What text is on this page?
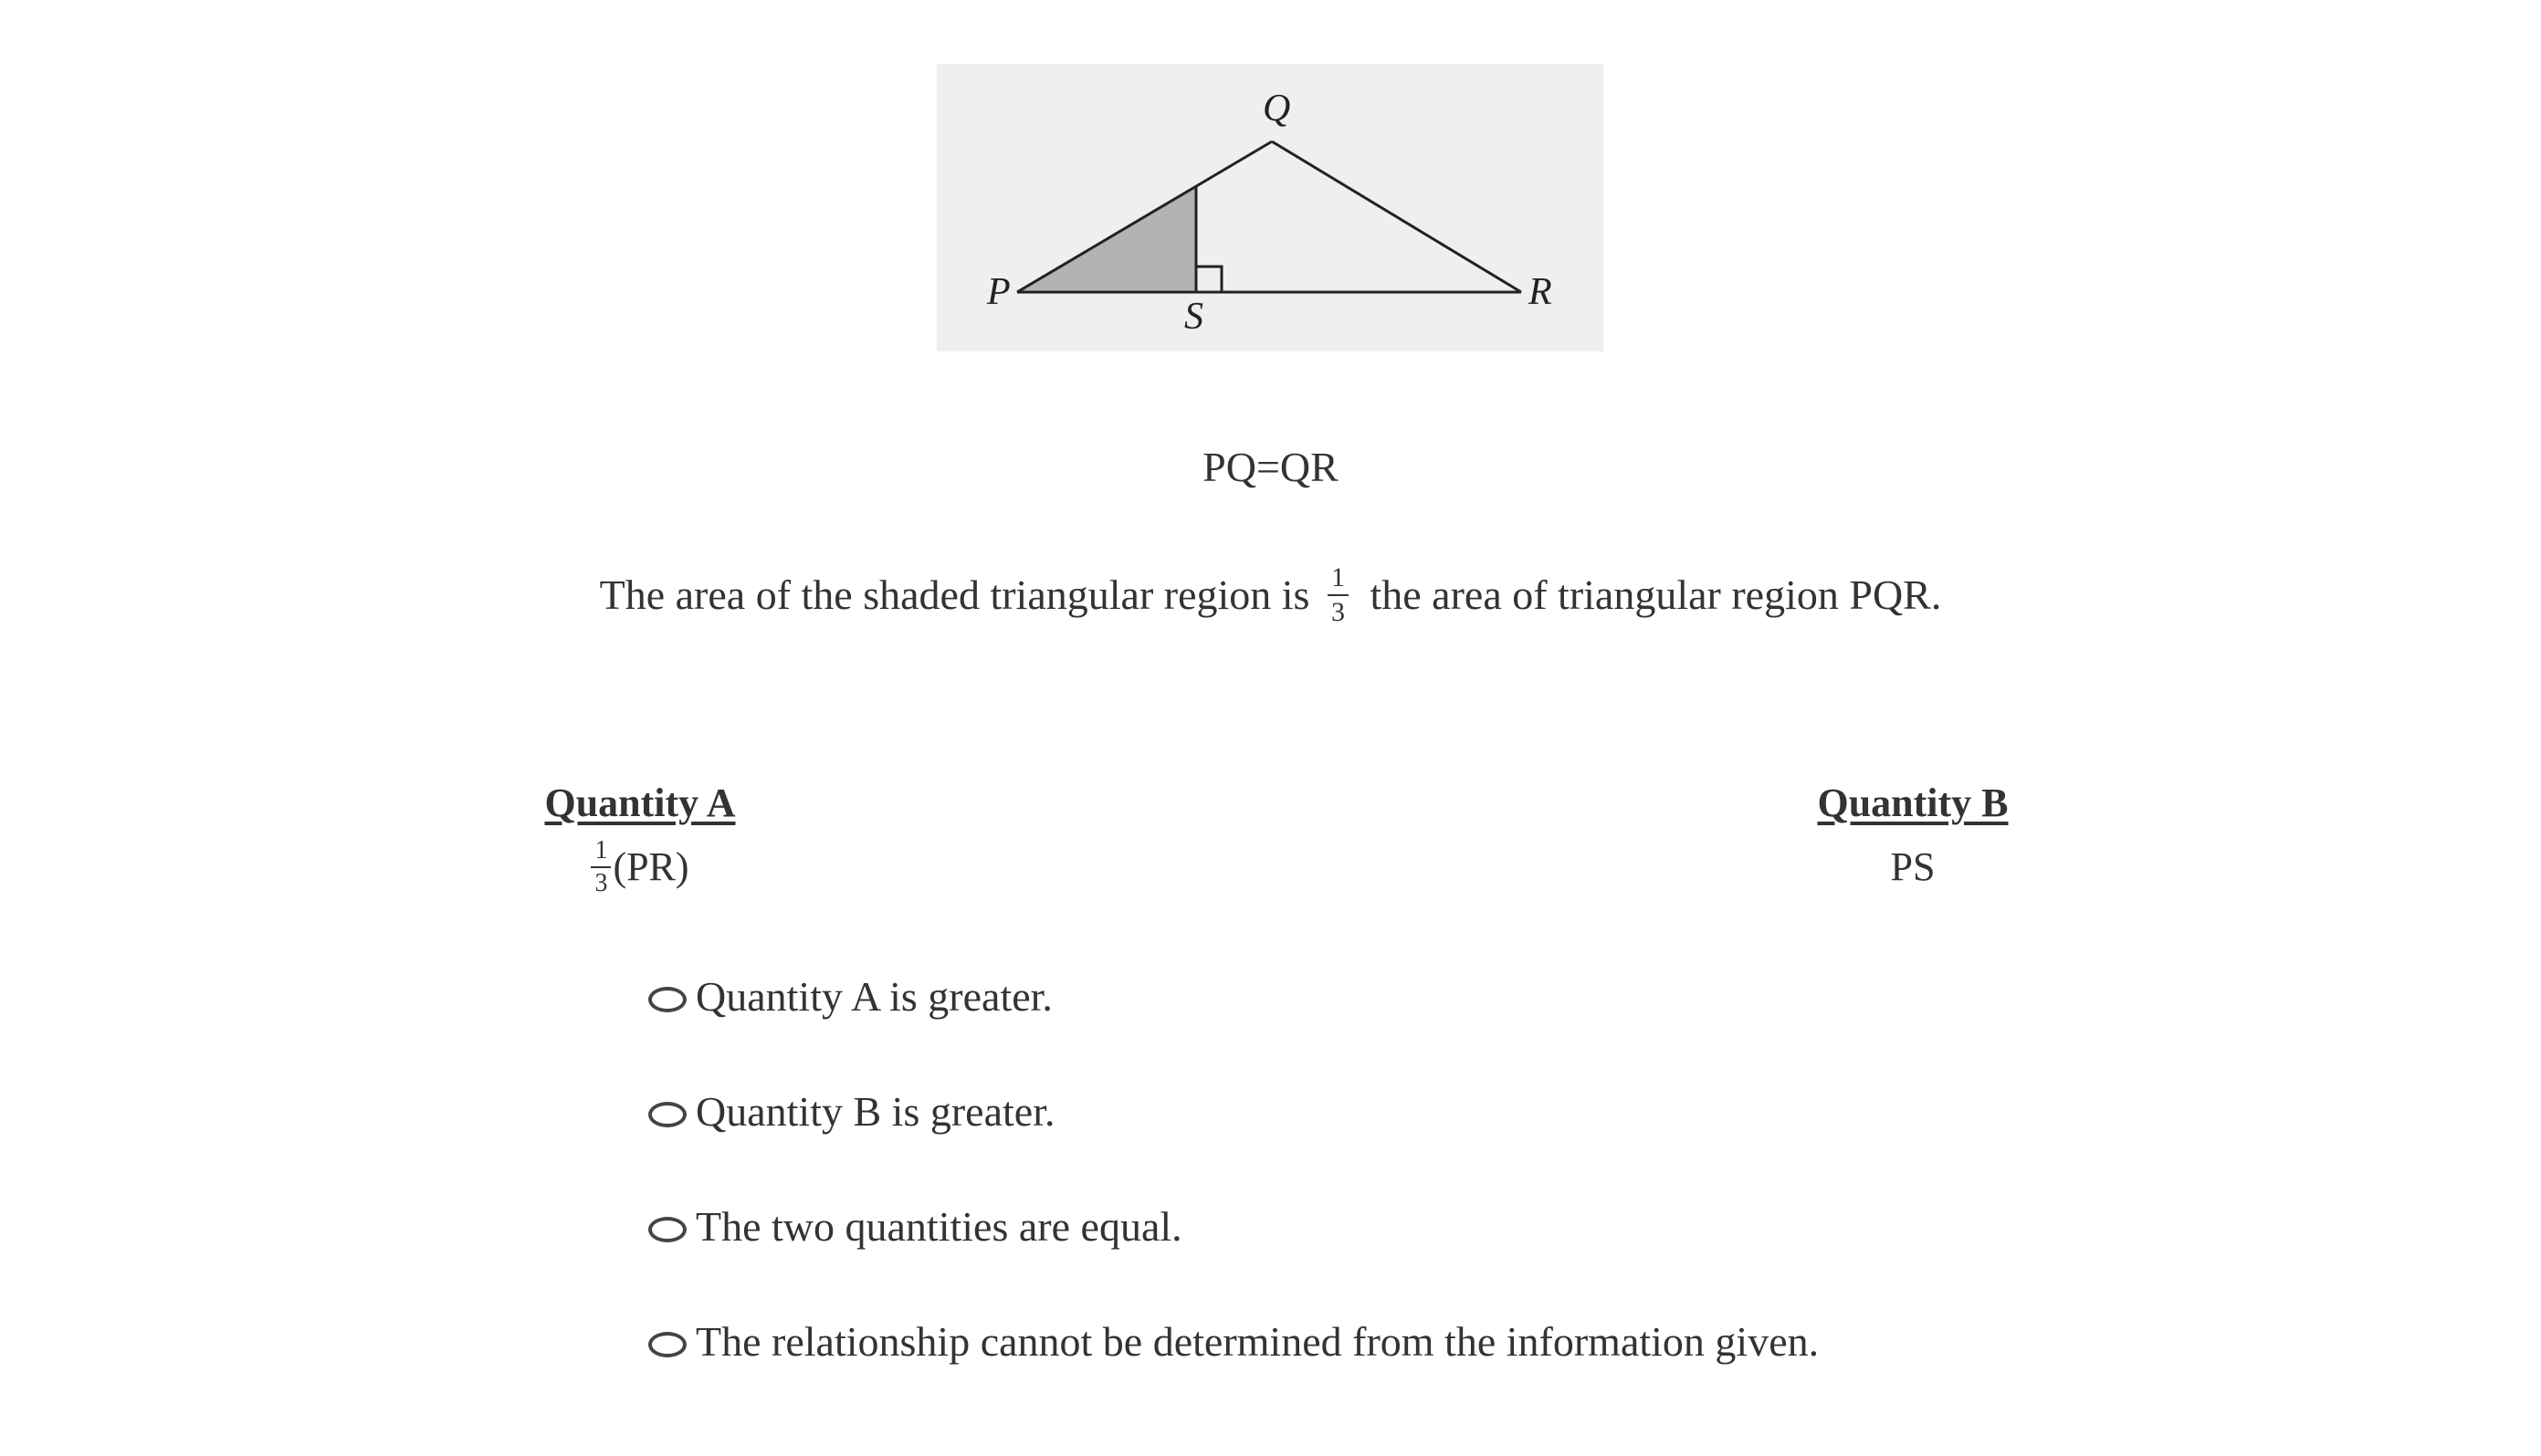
P
Q
R
S
PQ=QR
The area of the shaded triangular region is $\frac{1}{3}$ the area of triangular region PQR.
Quantity A
$\frac{1}{3} (PR)$
Quantity B
PS
Quantity A is greater.
Quantity B is greater.
The two quantities are equal.
The relationship cannot be determined from the information given.
